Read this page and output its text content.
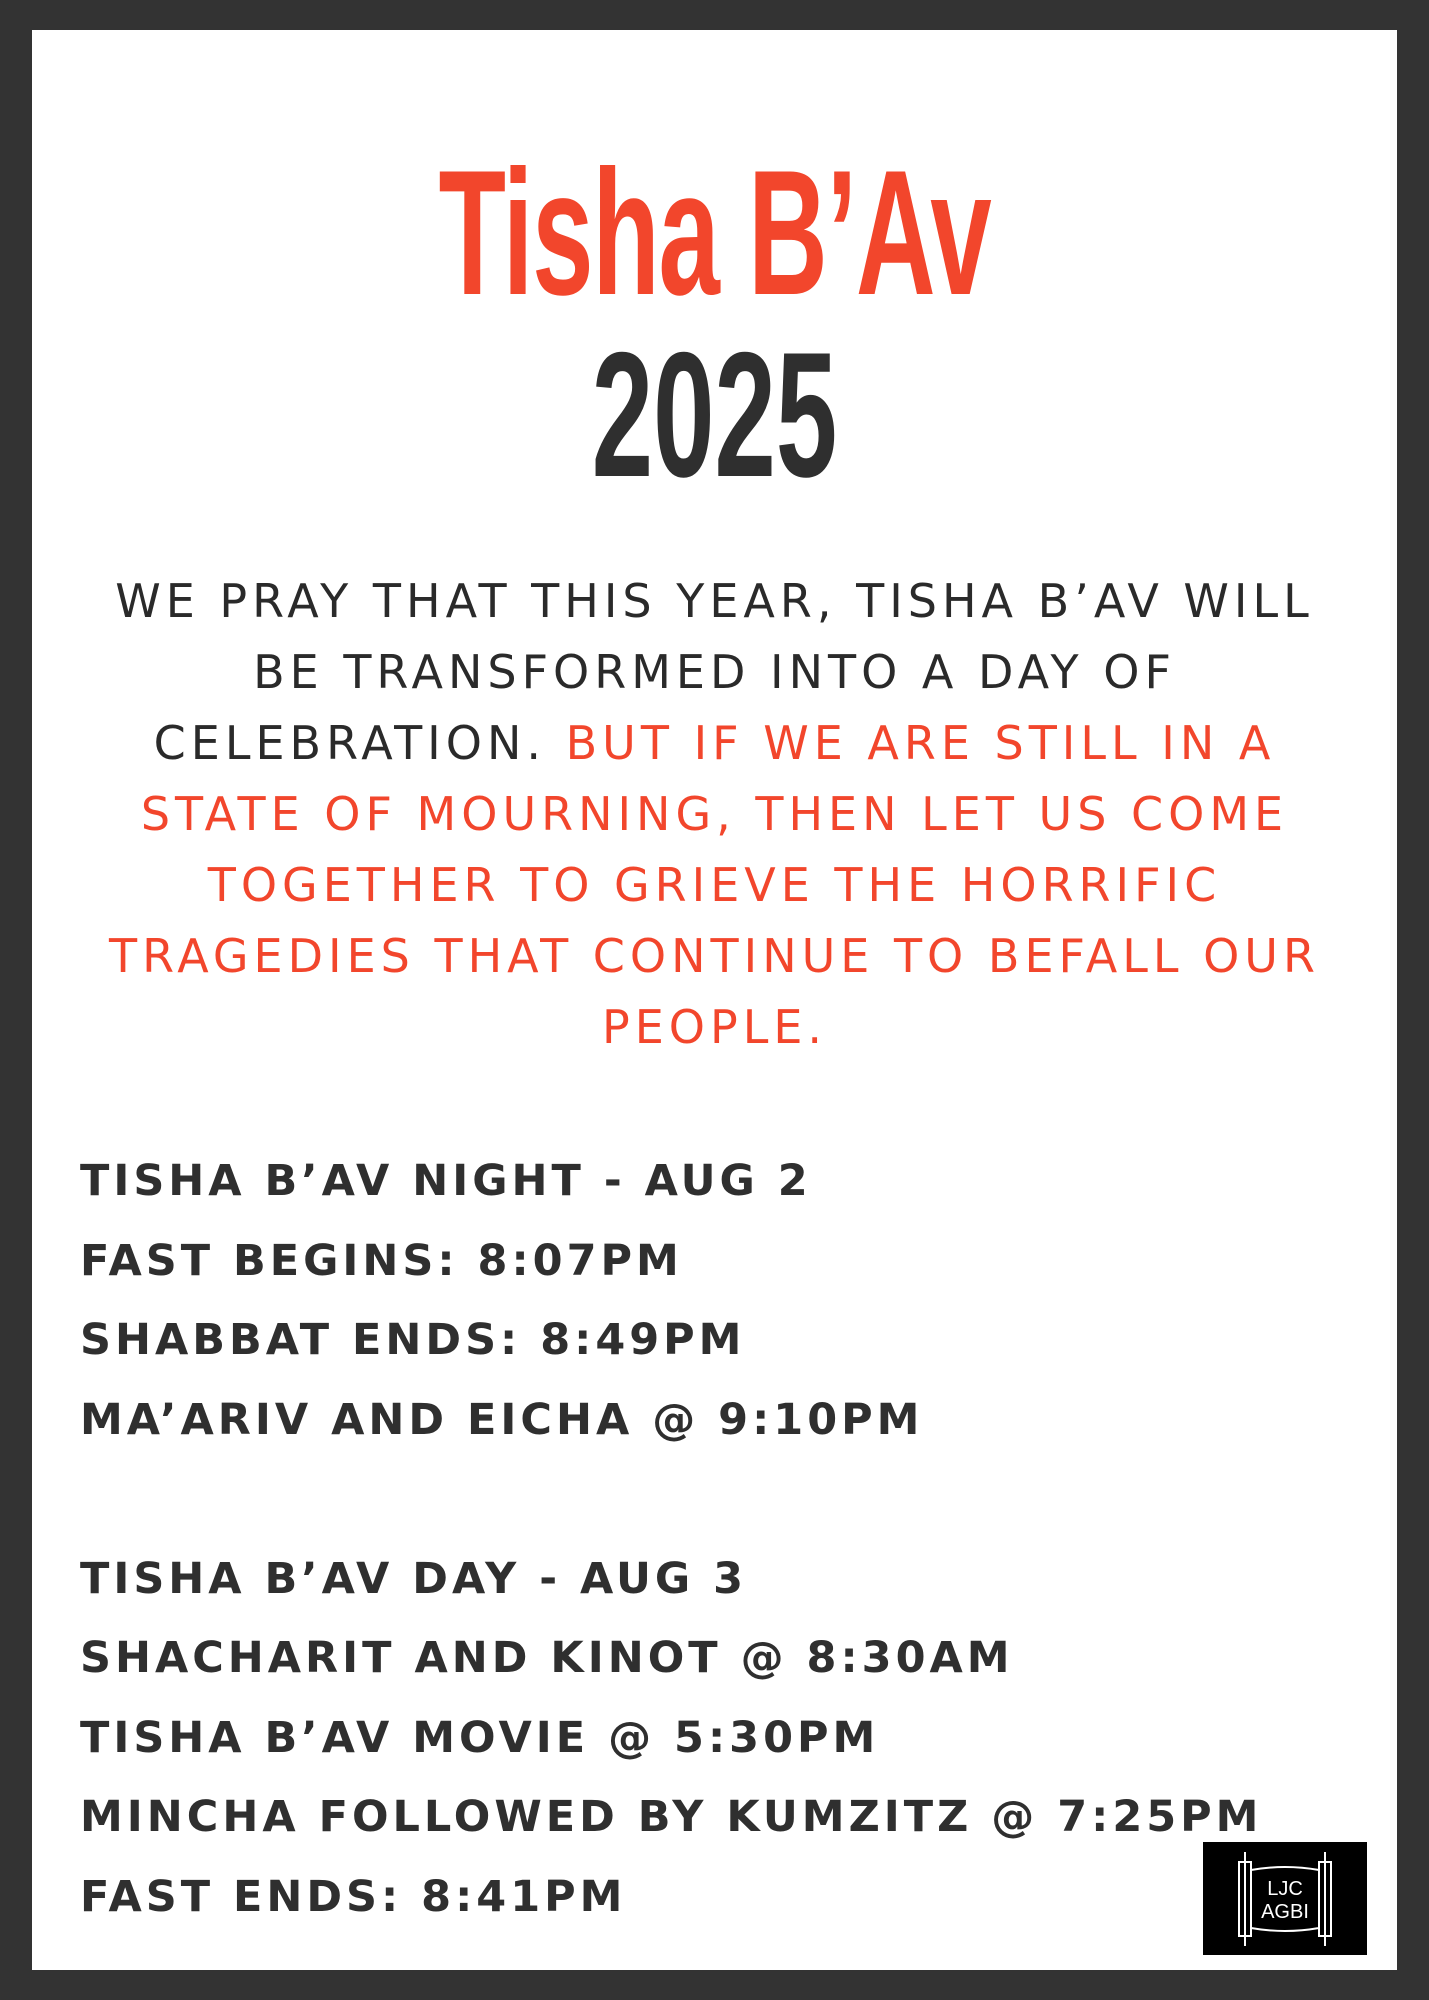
Tisha B’Av
2025
WE PRAY THAT THIS YEAR, TISHA B’AV WILL BE TRANSFORMED INTO A DAY OF CELEBRATION. BUT IF WE ARE STILL IN A STATE OF MOURNING, THEN LET US COME TOGETHER TO GRIEVE THE HORRIFIC TRAGEDIES THAT CONTINUE TO BEFALL OUR PEOPLE.
TISHA B’AV NIGHT - AUG 2
FAST BEGINS: 8:07PM
SHABBAT ENDS: 8:49PM
MA’ARIV AND EICHA @ 9:10PM
TISHA B’AV DAY - AUG 3
SHACHARIT AND KINOT @ 8:30AM
TISHA B’AV MOVIE @ 5:30PM
MINCHA FOLLOWED BY KUMZITZ @ 7:25PM
FAST ENDS: 8:41PM	LJC
AGBI
